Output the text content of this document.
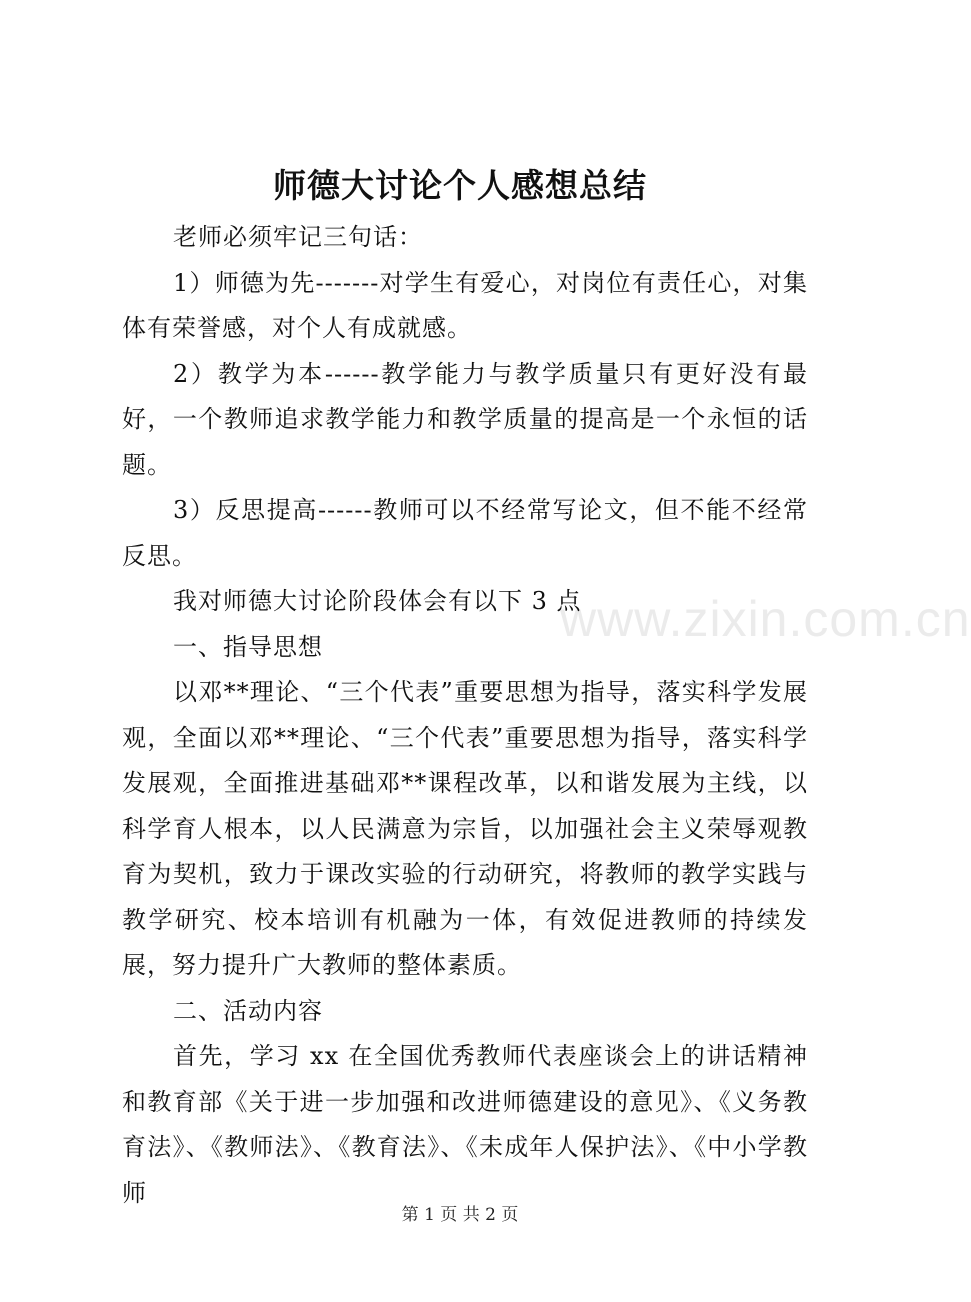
师德大讨论个人感想总结
www.zixin.com.cn

老师必须牢记三句话：

1）师德为先-------对学生有爱心，对岗位有责任心，对集体有荣誉感，对个人有成就感。

2）教学为本------教学能力与教学质量只有更好没有最好，一个教师追求教学能力和教学质量的提高是一个永恒的话题。

3）反思提高------教师可以不经常写论文，但不能不经常反思。

我对师德大讨论阶段体会有以下 3 点

一、指导思想

以邓**理论、“三个代表”重要思想为指导，落实科学发展观，全面以邓**理论、“三个代表”重要思想为指导，落实科学发展观，全面推进基础邓**课程改革，以和谐发展为主线，以科学育人根本，以人民满意为宗旨，以加强社会主义荣辱观教育为契机，致力于课改实验的行动研究，将教师的教学实践与教学研究、校本培训有机融为一体，有效促进教师的持续发展，努力提升广大教师的整体素质。

二、活动内容

首先，学习 xx 在全国优秀教师代表座谈会上的讲话精神和教育部《关于进一步加强和改进师德建设的意见》、《义务教育法》、《教师法》、《教育法》、《未成年人保护法》、《中小学教师

第 1 页 共 2 页
